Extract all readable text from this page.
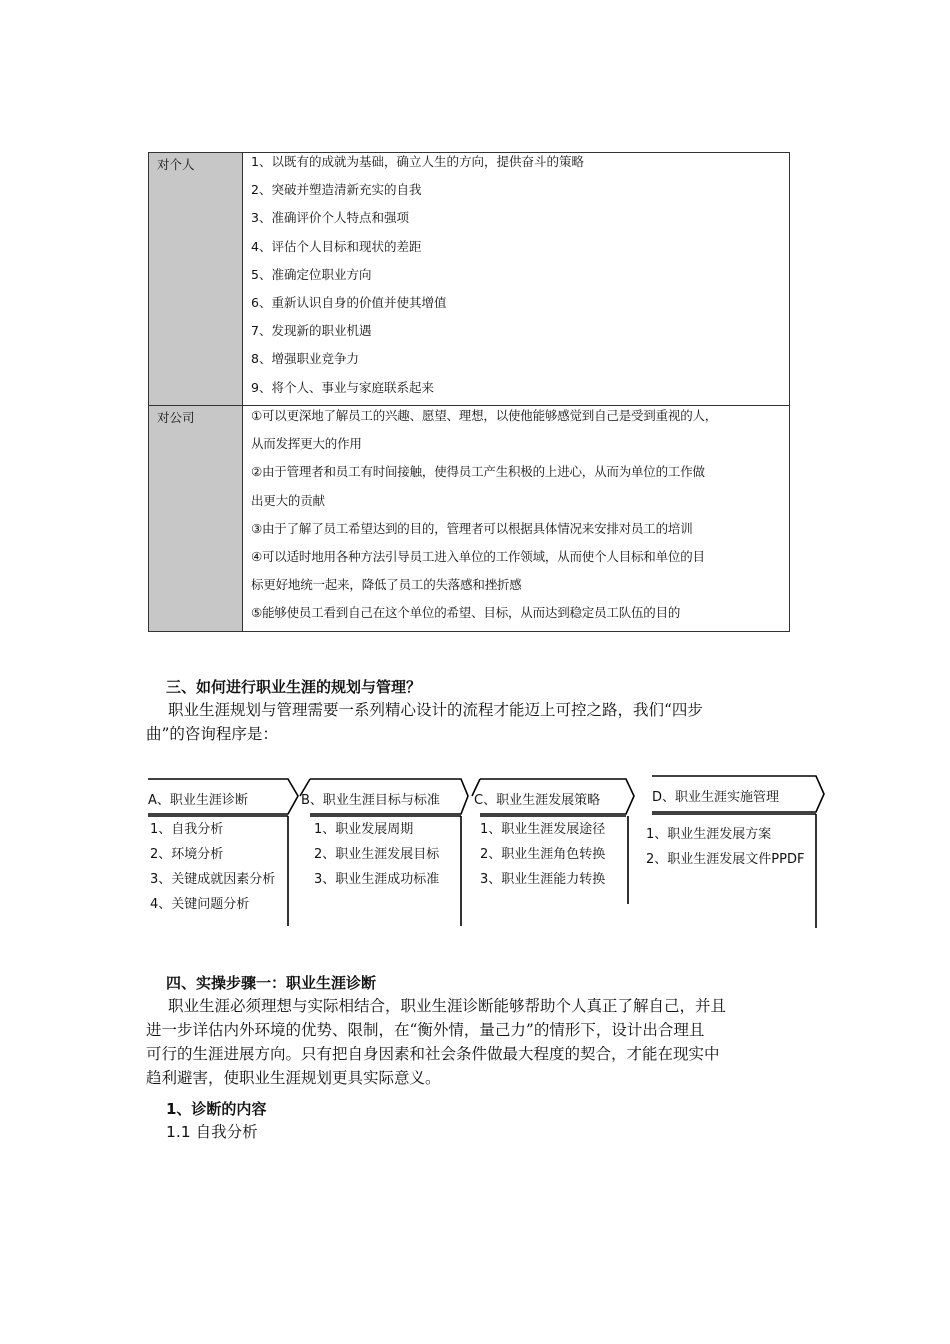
对个人	1、以既有的成就为基础，确立人生的方向，提供奋斗的策略
2、突破并塑造清新充实的自我
3、准确评价个人特点和强项
4、评估个人目标和现状的差距
5、准确定位职业方向
6、重新认识自身的价值并使其增值
7、发现新的职业机遇
8、增强职业竞争力
9、将个人、事业与家庭联系起来
对公司	①可以更深地了解员工的兴趣、愿望、理想，以使他能够感觉到自己是受到重视的人，
从而发挥更大的作用
②由于管理者和员工有时间接触，使得员工产生积极的上进心，从而为单位的工作做
出更大的贡献
③由于了解了员工希望达到的目的，管理者可以根据具体情况来安排对员工的培训
④可以适时地用各种方法引导员工进入单位的工作领域，从而使个人目标和单位的目
标更好地统一起来，降低了员工的失落感和挫折感
⑤能够使员工看到自己在这个单位的希望、目标，从而达到稳定员工队伍的目的
三、如何进行职业生涯的规划与管理？
职业生涯规划与管理需要一系列精心设计的流程才能迈上可控之路，我们“四步
曲”的咨询程序是：
A、职业生涯诊断
1、自我分析
2、环境分析
3、关键成就因素分析
4、关键问题分析
B、职业生涯目标与标准
1、职业发展周期
2、职业生涯发展目标
3、职业生涯成功标准
C、职业生涯发展策略
1、职业生涯发展途径
2、职业生涯角色转换
3、职业生涯能力转换
D、职业生涯实施管理
1、职业生涯发展方案
2、职业生涯发展文件PPDF
四、实操步骤一：职业生涯诊断
职业生涯必须理想与实际相结合，职业生涯诊断能够帮助个人真正了解自己，并且
进一步详估内外环境的优势、限制，在“衡外情，量己力”的情形下，设计出合理且
可行的生涯进展方向。只有把自身因素和社会条件做最大程度的契合，才能在现实中
趋利避害，使职业生涯规划更具实际意义。
1、诊断的内容
1.1 自我分析
